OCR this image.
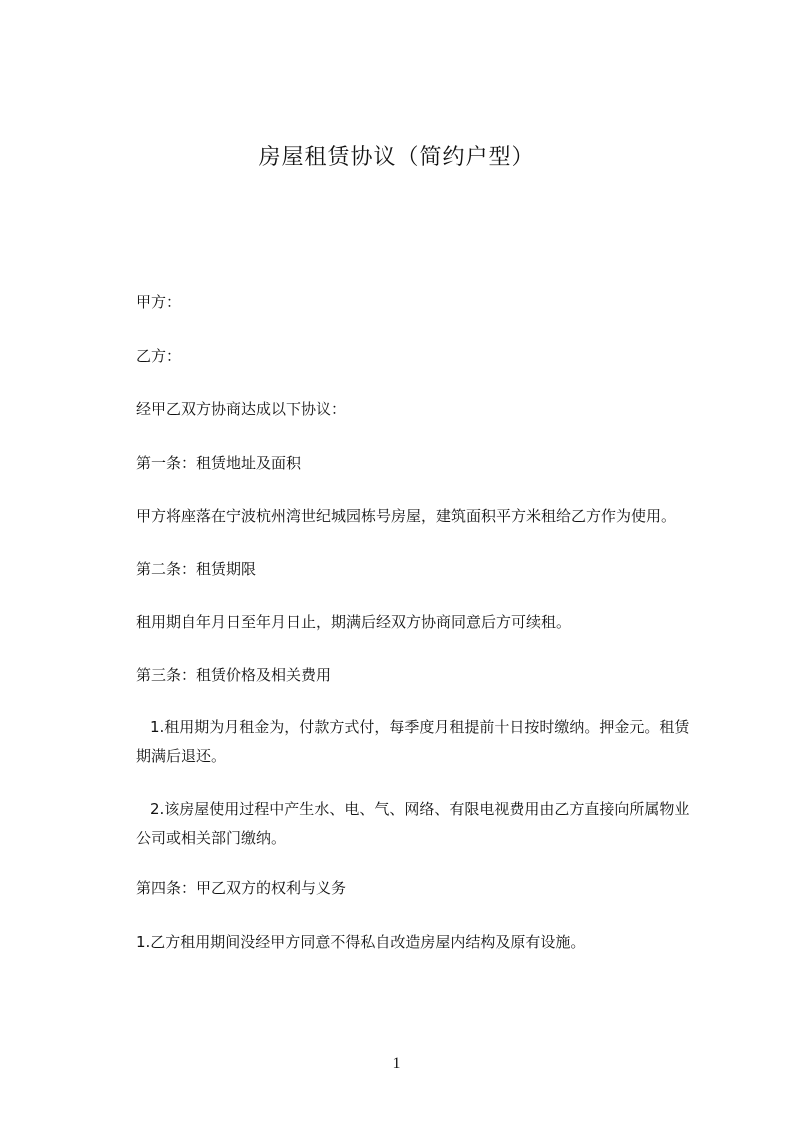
房屋租赁协议（简约户型）
甲方：
乙方：
经甲乙双方协商达成以下协议：
第一条：租赁地址及面积
甲方将座落在宁波杭州湾世纪城园栋号房屋，建筑面积平方米租给乙方作为使用。
第二条：租赁期限
租用期自年月日至年月日止，期满后经双方协商同意后方可续租。
第三条：租赁价格及相关费用
1.租用期为月租金为，付款方式付，每季度月租提前十日按时缴纳。押金元。租赁期满后退还。
2.该房屋使用过程中产生水、电、气、网络、有限电视费用由乙方直接向所属物业公司或相关部门缴纳。
第四条：甲乙双方的权利与义务
1.乙方租用期间没经甲方同意不得私自改造房屋内结构及原有设施。
1
